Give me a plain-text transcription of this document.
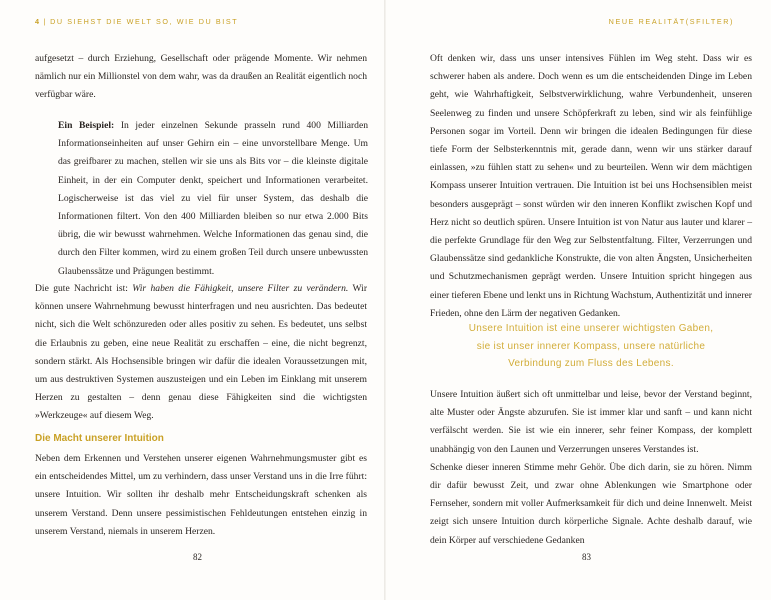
4 | DU SIEHST DIE WELT SO, WIE DU BIST

aufgesetzt – durch Erziehung, Gesellschaft oder prägende Momente. Wir nehmen nämlich nur ein Millionstel von dem wahr, was da draußen an Realität eigentlich noch verfügbar wäre.

Ein Beispiel: In jeder einzelnen Sekunde prasseln rund 400 Milliarden Informationseinheiten auf unser Gehirn ein – eine unvorstellbare Menge. Um das greifbarer zu machen, stellen wir sie uns als Bits vor – die kleinste digitale Einheit, in der ein Computer denkt, speichert und Informationen verarbeitet. Logischerweise ist das viel zu viel für unser System, das deshalb die Informationen filtert. Von den 400 Milliarden bleiben so nur etwa 2.000 Bits übrig, die wir bewusst wahrnehmen. Welche Informationen das genau sind, die durch den Filter kommen, wird zu einem großen Teil durch unsere unbewussten Glaubenssätze und Prägungen bestimmt.

Die gute Nachricht ist: Wir haben die Fähigkeit, unsere Filter zu verändern. Wir können unsere Wahrnehmung bewusst hinterfragen und neu ausrichten. Das bedeutet nicht, sich die Welt schönzureden oder alles positiv zu sehen. Es bedeutet, uns selbst die Erlaubnis zu geben, eine neue Realität zu erschaffen – eine, die nicht begrenzt, sondern stärkt. Als Hochsensible bringen wir dafür die idealen Voraussetzungen mit, um aus destruktiven Systemen auszusteigen und ein Leben im Einklang mit unserem Herzen zu gestalten – denn genau diese Fähigkeiten sind die wichtigsten »Werkzeuge« auf diesem Weg.

Die Macht unserer Intuition

Neben dem Erkennen und Verstehen unserer eigenen Wahrnehmungsmuster gibt es ein entscheidendes Mittel, um zu verhindern, dass unser Verstand uns in die Irre führt: unsere Intuition. Wir sollten ihr deshalb mehr Entscheidungskraft schenken als unserem Verstand. Denn unsere pessimistischen Fehldeutungen entstehen einzig in unserem Verstand, niemals in unserem Herzen.

82
NEUE REALITÄT(SFILTER)

Oft denken wir, dass uns unser intensives Fühlen im Weg steht. Dass wir es schwerer haben als andere. Doch wenn es um die entscheidenden Dinge im Leben geht, wie Wahrhaftigkeit, Selbstverwirklichung, wahre Verbundenheit, unseren Seelenweg zu finden und unsere Schöpferkraft zu leben, sind wir als feinfühlige Personen sogar im Vorteil. Denn wir bringen die idealen Bedingungen für diese tiefe Form der Selbsterkenntnis mit, gerade dann, wenn wir uns stärker darauf einlassen, »zu fühlen statt zu sehen« und zu beurteilen. Wenn wir dem mächtigen Kompass unserer Intuition vertrauen. Die Intuition ist bei uns Hochsensiblen meist besonders ausgeprägt – sonst würden wir den inneren Konflikt zwischen Kopf und Herz nicht so deutlich spüren. Unsere Intuition ist von Natur aus lauter und klarer – die perfekte Grundlage für den Weg zur Selbstentfaltung. Filter, Verzerrungen und Glaubenssätze sind gedankliche Konstrukte, die von alten Ängsten, Unsicherheiten und Schutzmechanismen geprägt werden. Unsere Intuition spricht hingegen aus einer tieferen Ebene und lenkt uns in Richtung Wachstum, Authentizität und innerer Frieden, ohne den Lärm der negativen Gedanken.

Unsere Intuition ist eine unserer wichtigsten Gaben,
sie ist unser innerer Kompass, unsere natürliche
Verbindung zum Fluss des Lebens.

Unsere Intuition äußert sich oft unmittelbar und leise, bevor der Verstand beginnt, alte Muster oder Ängste abzurufen. Sie ist immer klar und sanft – und kann nicht verfälscht werden. Sie ist wie ein innerer, sehr feiner Kompass, der komplett unabhängig von den Launen und Verzerrungen unseres Verstandes ist.

Schenke dieser inneren Stimme mehr Gehör. Übe dich darin, sie zu hören. Nimm dir dafür bewusst Zeit, und zwar ohne Ablenkungen wie Smartphone oder Fernseher, sondern mit voller Aufmerksamkeit für dich und deine Innenwelt. Meist zeigt sich unsere Intuition durch körperliche Signale. Achte deshalb darauf, wie dein Körper auf verschiedene Gedanken

83
